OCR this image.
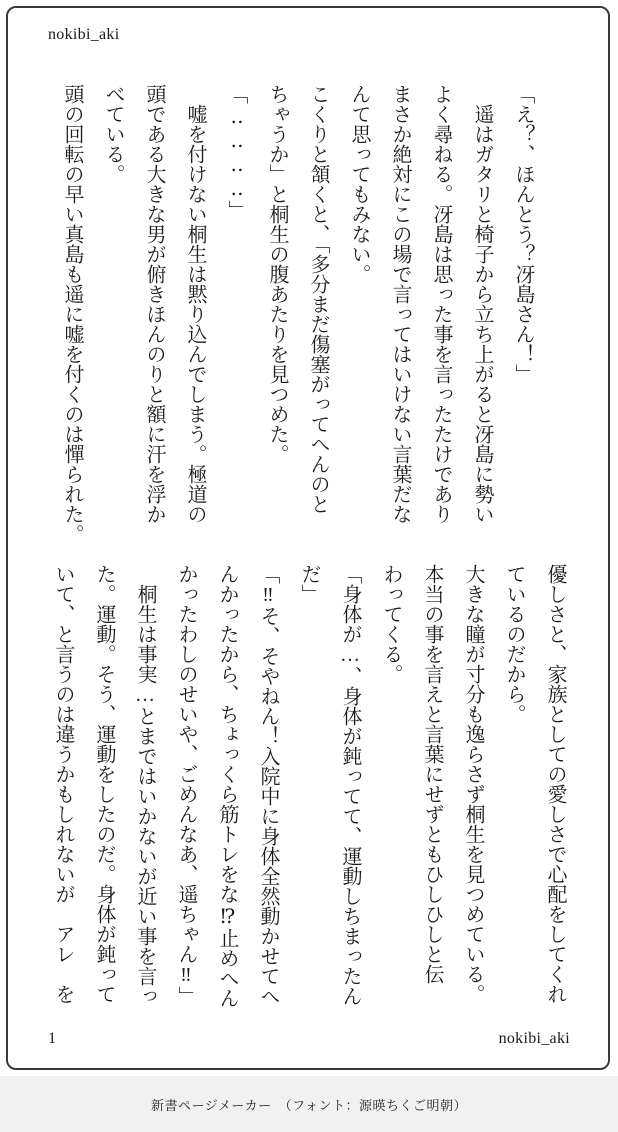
nokibi_aki

「え？、ほんとう？冴島さん！」

　遥はガタリと椅子から立ち上がると冴島に勢い

よく尋ねる。冴島は思った事を言ったたけであり

まさか絶対にこの場で言ってはいけない言葉だな

んて思ってもみない。

こくりと頷くと、「多分まだ傷塞がってへんのと

ちゃうか」と桐生の腹あたりを見つめた。

「‥‥‥‥」

　嘘を付けない桐生は黙り込んでしまう。極道の

頭である大きな男が俯きほんのりと額に汗を浮か

べている。

頭の回転の早い真島も遥に嘘を付くのは憚られた。

優しさと、家族としての愛しさで心配をしてくれ

ているのだから。

大きな瞳が寸分も逸らさず桐生を見つめている。

本当の事を言えと言葉にせずともひしひしと伝

わってくる。

「身体が…、身体が鈍ってて、運動しちまったん

だ」

「‼そ、そやねん！入院中に身体全然動かせてへ

んかったから、ちょっくら筋トレをな⁉止めへん

かったわしのせいや、ごめんなあ、遥ちゃん‼」

　桐生は事実…とまではいかないが近い事を言っ

た。運動。そう、運動をしたのだ。身体が鈍って

いて、と言うのは違うかもしれないが　アレ　を

1	nokibi_aki
新書ページメーカー　（フォント：源暎ちくご明朝）
